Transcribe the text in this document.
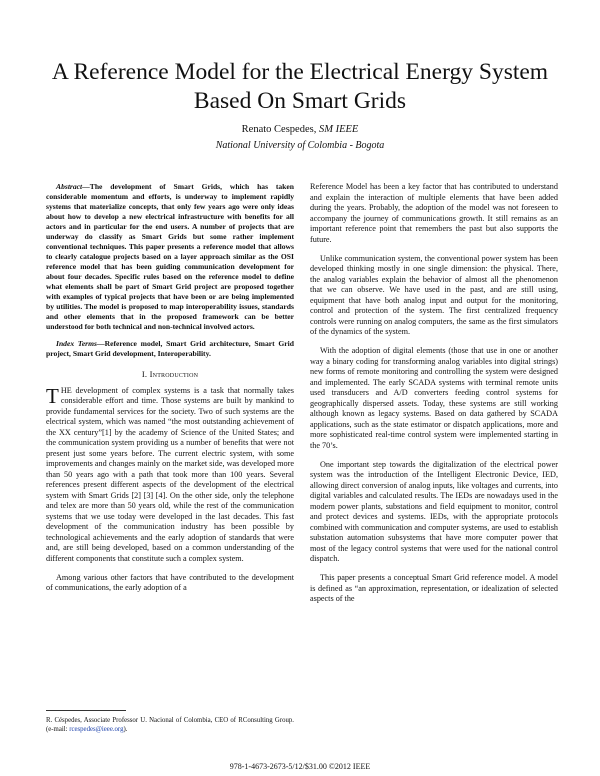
A Reference Model for the Electrical Energy System Based On Smart Grids
Renato Cespedes, SM IEEE
National University of Colombia - Bogota
Abstract—The development of Smart Grids, which has taken considerable momentum and efforts, is underway to implement rapidly systems that materialize concepts, that only few years ago were only ideas about how to develop a new electrical infrastructure with benefits for all actors and in particular for the end users. A number of projects that are underway do classify as Smart Grids but some rather implement conventional techniques. This paper presents a reference model that allows to clearly catalogue projects based on a layer approach similar as the OSI reference model that has been guiding communication development for about four decades. Specific rules based on the reference model to define what elements shall be part of Smart Grid project are proposed together with examples of typical projects that have been or are being implemented by utilities. The model is proposed to map interoperability issues, standards and other elements that in the proposed framework can be better understood for both technical and non-technical involved actors.
Index Terms—Reference model, Smart Grid architecture, Smart Grid project, Smart Grid development, Interoperability.
I. Introduction

THE development of complex systems is a task that normally takes considerable effort and time. Those systems are built by mankind to provide fundamental services for the society. Two of such systems are the electrical system, which was named “the most outstanding achievement of the XX century”[1] by the academy of Science of the United States; and the communication system providing us a number of benefits that were not present just some years before. The current electric system, with some improvements and changes mainly on the market side, was developed more than 50 years ago with a path that took more than 100 years. Several references present different aspects of the development of the electrical system with Smart Grids [2] [3] [4]. On the other side, only the telephone and telex are more than 50 years old, while the rest of the communication systems that we use today were developed in the last decades. This fast development of the communication industry has been possible by technological achievements and the early adoption of standards that were and, are still being developed, based on a common understanding of the different components that constitute such a complex system.

Among various other factors that have contributed to the development of communications, the early adoption of a

Reference Model has been a key factor that has contributed to understand and explain the interaction of multiple elements that have been added during the years. Probably, the adoption of the model was not foreseen to accompany the journey of communications growth. It still remains as an important reference point that remembers the past but also supports the future.

Unlike communication system, the conventional power system has been developed thinking mostly in one single dimension: the physical. There, the analog variables explain the behavior of almost all the phenomenon that we can observe. We have used in the past, and are still using, equipment that have both analog input and output for the monitoring, control and protection of the system. The first centralized frequency controls were running on analog computers, the same as the first simulators of the dynamics of the system.

With the adoption of digital elements (those that use in one or another way a binary coding for transforming analog variables into digital strings) new forms of remote monitoring and controlling the system were designed and implemented. The early SCADA systems with terminal remote units used transducers and A/D converters feeding control systems for geographically dispersed assets. Today, these systems are still working although known as legacy systems. Based on data gathered by SCADA applications, such as the state estimator or dispatch applications, more and more sophisticated real-time control system were implemented starting in the 70’s.

One important step towards the digitalization of the electrical power system was the introduction of the Intelligent Electronic Device, IED, allowing direct conversion of analog inputs, like voltages and currents, into digital variables and calculated results. The IEDs are nowadays used in the modern power plants, substations and field equipment to monitor, control and protect devices and systems. IEDs, with the appropriate protocols combined with communication and computer systems, are used to establish substation automation subsystems that have more computer power that most of the legacy control systems that were used for the national control dispatch.

This paper presents a conceptual Smart Grid reference model. A model is defined as “an approximation, representation, or idealization of selected aspects of the

R. Céspedes, Associate Professor U. Nacional of Colombia, CEO of RConsulting Group. (e-mail: rcespedes@ieee.org).
978-1-4673-2673-5/12/$31.00 ©2012 IEEE
